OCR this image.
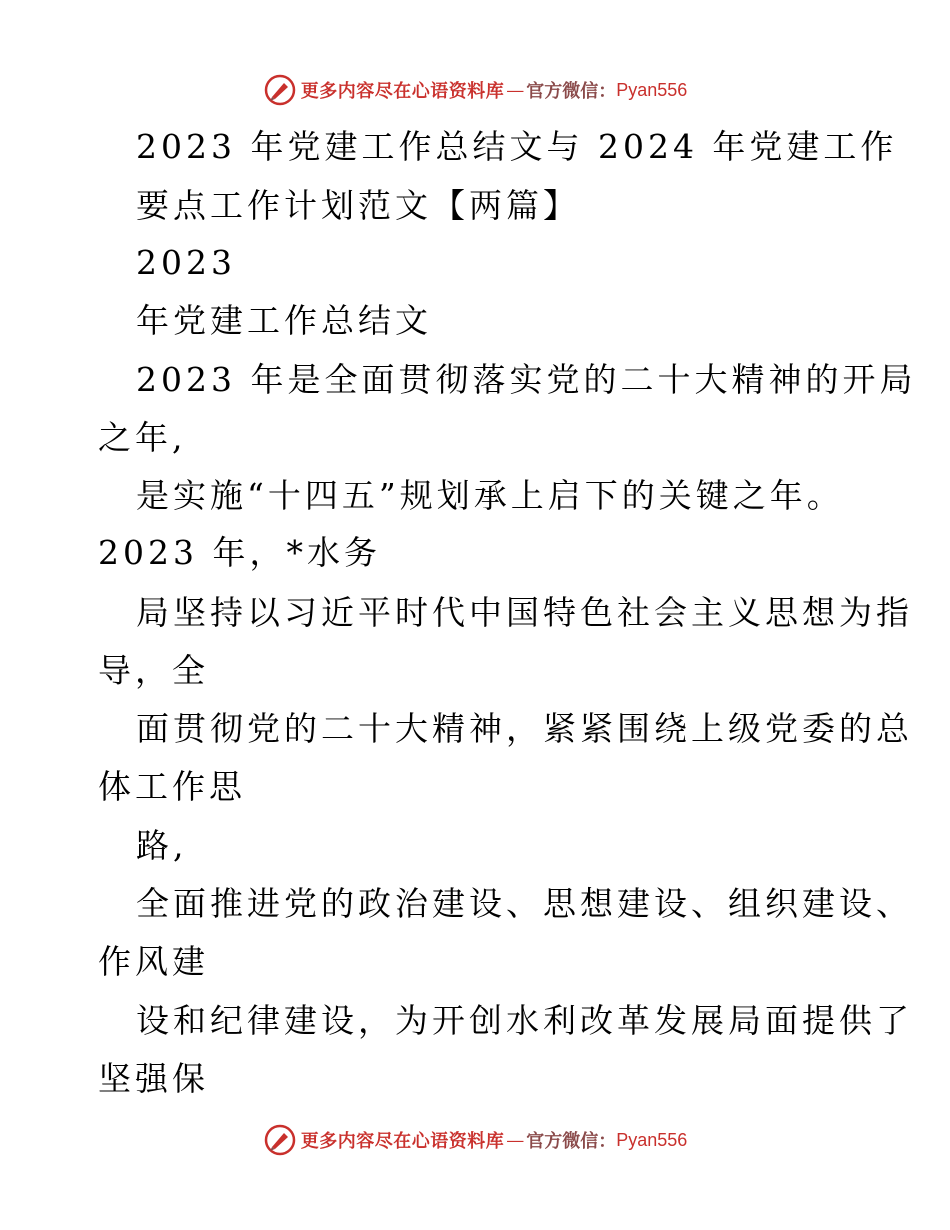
更多内容尽在心语资料库 — 官方微信： Pyan556
2023 年党建工作总结文与 2024 年党建工作
要点工作计划范文【两篇】
2023
年党建工作总结文
2023 年是全面贯彻落实党的二十大精神的开局
之年,
是实施“十四五”规划承上启下的关键之年。
2023 年，*水务
局坚持以习近平时代中国特色社会主义思想为指
导，全
面贯彻党的二十大精神，紧紧围绕上级党委的总
体工作思
路,
全面推进党的政治建设、思想建设、组织建设、
作风建
设和纪律建设，为开创水利改革发展局面提供了
坚强保
更多内容尽在心语资料库 — 官方微信： Pyan556
